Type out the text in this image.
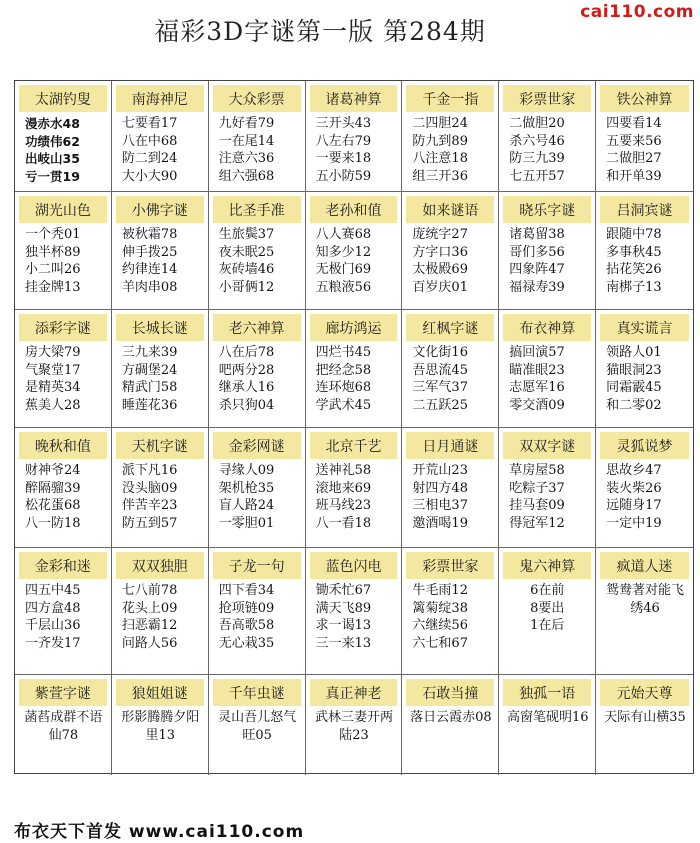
cai110.com
福彩3D字谜第一版 第284期
太湖钓叟
漫赤水48
功绩伟62
出岐山35
亏一贯19
南海神尼
七要看17
八在中68
防二到24
大小大90
大众彩票
九好看79
一在尾14
注意六36
组六强68
诸葛神算
三开头43
八左右79
一要来18
五小防59
千金一指
二四胆24
防九到89
八注意18
组三开36
彩票世家
二做胆20
杀六号46
防三九39
七五开57
铁公神算
四要看14
五要来56
二做胆27
和开单39
湖光山色
一个秃01
独半杯89
小二叫26
挂金牌13
小佛字谜
被秋霜78
伸手拨25
约律连14
羊肉串08
比圣手准
生旅鬓37
夜未眠25
灰砖墙46
小哥俩12
老孙和值
八人赛68
知多少12
无极门69
五粮液56
如来谜语
庞统字27
方字口36
太极殿69
百岁庆01
晓乐字谜
诸葛留38
哥们多56
四象阵47
福禄寿39
吕洞宾谜
跟随中78
多事秋45
拈花笑26
南梆子13
添彩字谜
房大梁79
气聚堂17
是精英34
蕉美人28
长城长谜
三九来39
方碉堡24
精武门58
睡莲花36
老六神算
八在后78
吧两分28
继承人16
杀只狗04
廊坊鸿运
四烂书45
把经念58
连环炮68
学武术45
红枫字谜
文化街16
吾思流45
三军气37
二五跃25
布衣神算
搞回演57
瞄准眼23
志愿军16
零交酒09
真实谎言
领路人01
猫眼洞23
同霜霰45
和二零02
晚秋和值
财神爷24
醉隔骝39
松花蛋68
八一防18
天机字谜
派下凡16
没头脑09
伴苦辛23
防五到57
金彩网谜
寻缘人09
架机枪35
盲人路24
一零胆01
北京千艺
送神礼58
滚地来69
班马线23
八一看18
日月通谜
开荒山23
射四方48
三相电37
邀酒喝19
双双字谜
草房屋58
吃粽子37
挂马套09
得冠军12
灵狐说梦
思故乡47
装火柴26
远随身17
一定中19
金彩和迷
四五中45
四方盒48
千层山36
一齐发17
双双独胆
七八前78
花头上09
扫恶霸12
问路人56
子龙一句
四下看34
抢项链09
吾高歌58
无心栽35
蓝色闪电
锄禾忙67
满天飞89
求一谒13
三一来13
彩票世家
牛毛雨12
篱菊绽38
六继续56
六七和67
鬼六神算
6在前
8要出
1在后
疯道人迷
鸳鸯著对能飞绣46
紫萱字谜
菡萏成群不语仙78
狼姐姐谜
形影腾腾夕阳里13
千年虫谜
灵山吾儿怒气旺05
真正神老
武林三妻开两陆23
石敢当撞
落日云霞赤08
独孤一语
高窗笔砚明16
元始天尊
天际有山横35
布衣天下首发 www.cai110.com
